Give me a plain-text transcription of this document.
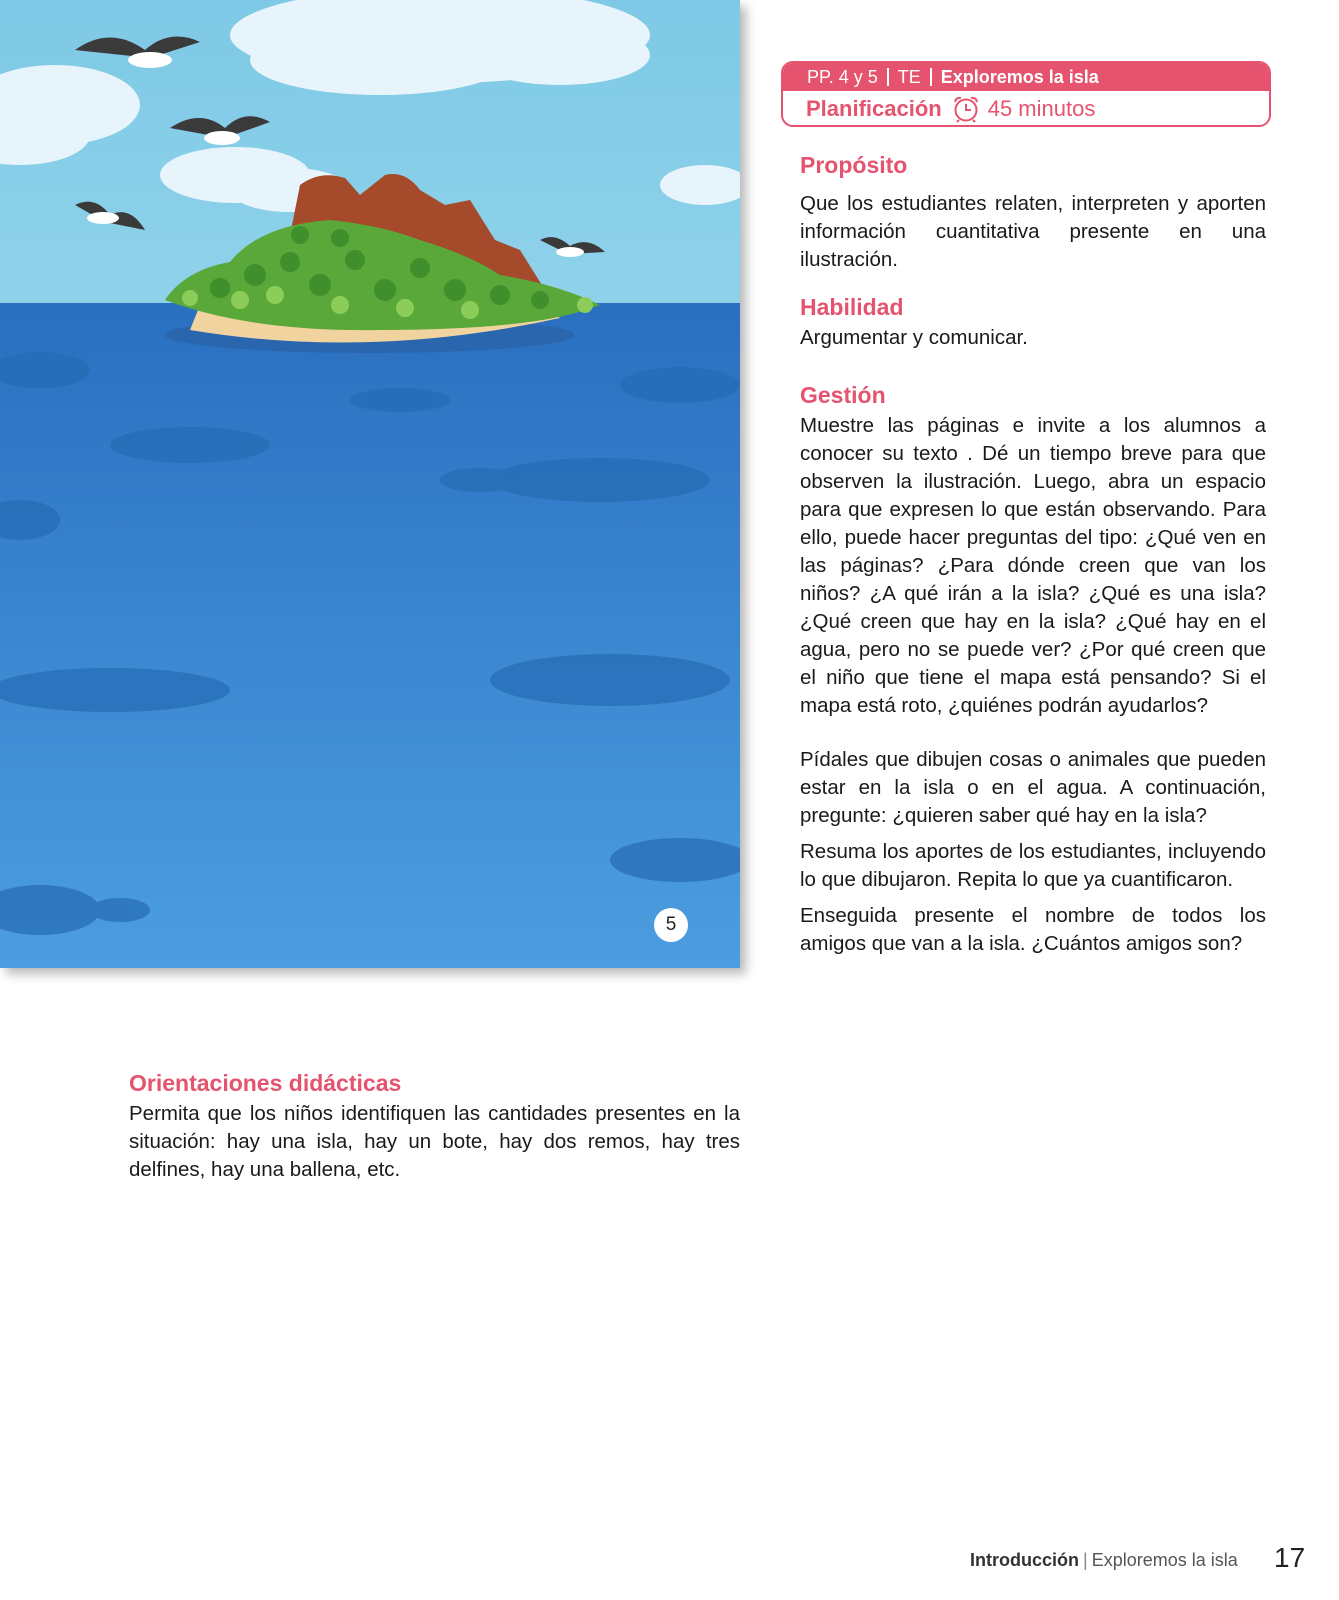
5
PP. 4 y 5 TE Exploremos la isla
Planificación 45 minutos
Propósito

Que los estudiantes relaten, interpreten y aporten información cuantitativa presente en una ilustración.

Habilidad

Argumentar y comunicar.

Gestión

Muestre las páginas e invite a los alumnos a conocer su texto . Dé un tiempo breve para que observen la ilustración. Luego, abra un espacio para que expresen lo que están observando. Para ello, puede hacer preguntas del tipo: ¿Qué ven en las páginas? ¿Para dónde creen que van los niños? ¿A qué irán a la isla? ¿Qué es una isla? ¿Qué creen que hay en la isla? ¿Qué hay en el agua, pero no se puede ver? ¿Por qué creen que el niño que tiene el mapa está pensando? Si el mapa está roto, ¿quiénes podrán ayudarlos?

Pídales que dibujen cosas o animales que pueden estar en la isla o en el agua. A continuación, pregunte: ¿quieren saber qué hay en la isla?

Resuma los aportes de los estudiantes, incluyendo lo que dibujaron. Repita lo que ya cuantificaron.

Enseguida presente el nombre de todos los amigos que van a la isla. ¿Cuántos amigos son?

Orientaciones didácticas

Permita que los niños identifiquen las cantidades presentes en la situación: hay una isla, hay un bote, hay dos remos, hay tres delfines, hay una ballena, etc.

Introducción | Exploremos la isla 17
